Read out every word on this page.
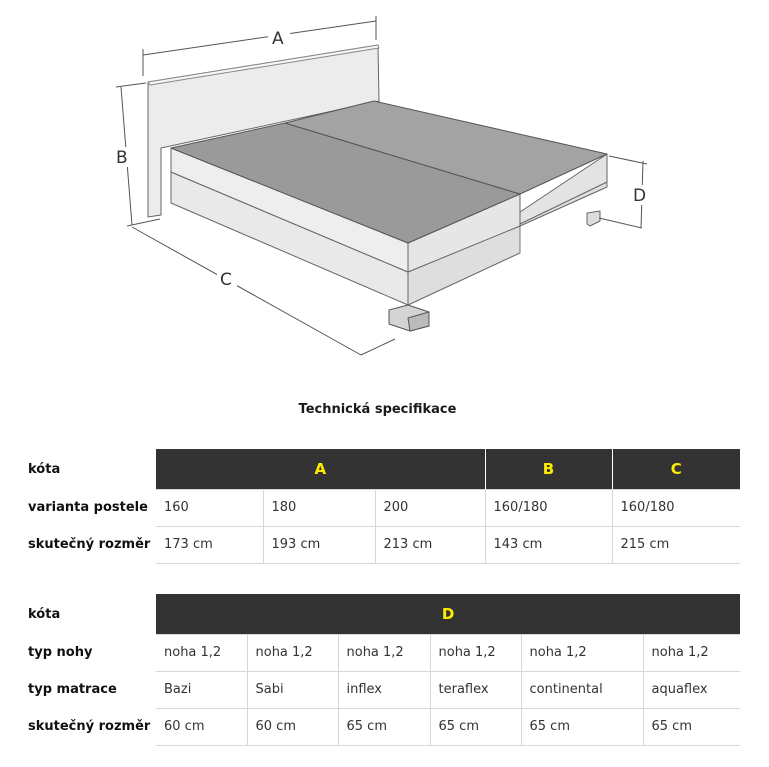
A
B
C
D
Technická specifikace
kóta	A			B	C
varianta postele	160	180	200	160/180	160/180
skutečný rozměr	173 cm	193 cm	213 cm	143 cm	215 cm
kóta	D					
typ nohy	noha 1,2	noha 1,2	noha 1,2	noha 1,2	noha 1,2	noha 1,2
typ matrace	Bazi	Sabi	inflex	teraflex	continental	aquaflex
skutečný rozměr	60 cm	60 cm	65 cm	65 cm	65 cm	65 cm
